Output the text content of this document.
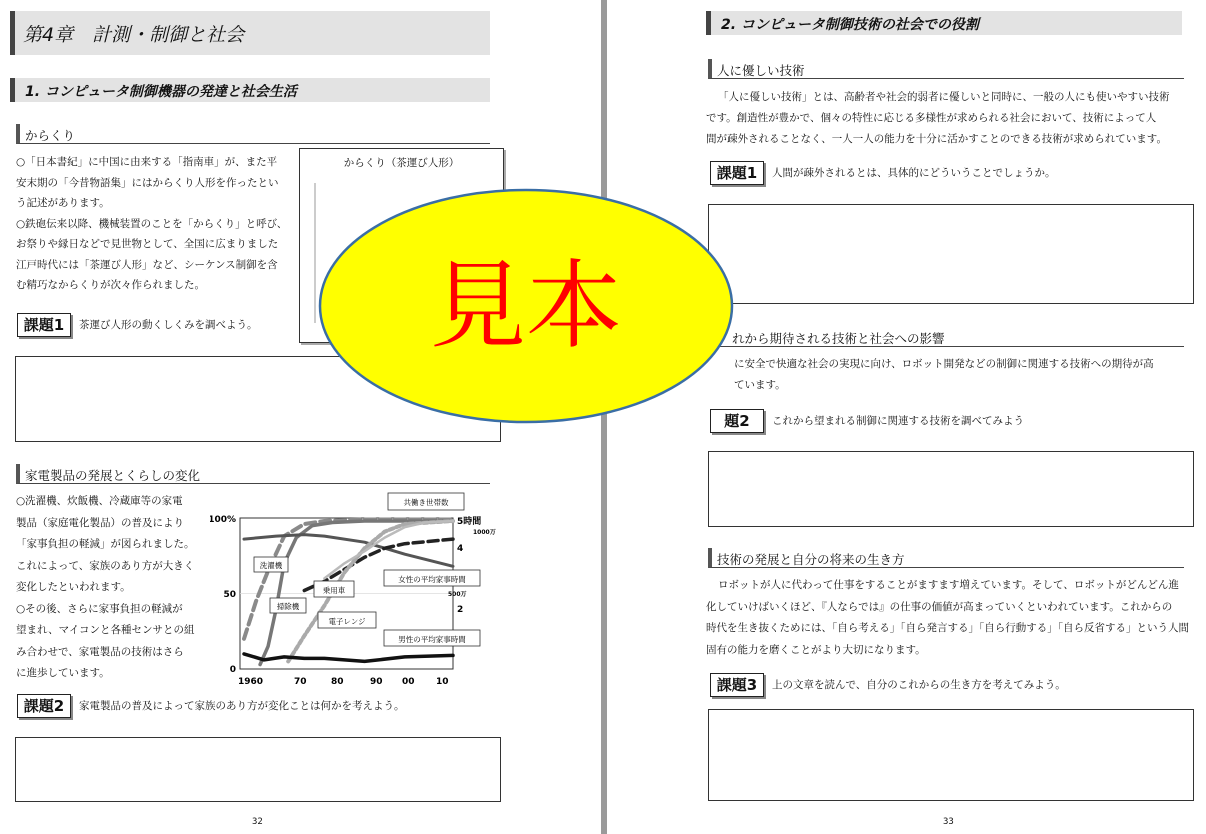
第4章　計測・制御と社会
1. コンピュータ制御機器の発達と社会生活
からくり
○「日本書紀」に中国に由来する「指南車」が、また平
安末期の「今昔物語集」にはからくり人形を作ったとい
う記述があります。
○鉄砲伝来以降、機械装置のことを「からくり」と呼び、
お祭りや縁日などで見世物として、全国に広まりました
江戸時代には「茶運び人形」など、シーケンス制御を含
む精巧なからくりが次々作られました。
からくり（茶運び人形）
課題1	茶運び人形の動くしくみを調べよう。
家電製品の発展とくらしの変化
○洗濯機、炊飯機、冷蔵庫等の家電
製品（家庭電化製品）の普及により
「家事負担の軽減」が図られました。
これによって、家族のあり方が大きく
変化したといわれます。
○その後、さらに家事負担の軽減が
望まれ、マイコンと各種センサとの組
み合わせで、家電製品の技術はさら
に進歩しています。
100%
50
0
5時間
1000万
4
2
500万
1960	70	80	90 00 10
共働き世帯数
洗濯機
乗用車
掃除機
電子レンジ
女性の平均家事時間
男性の平均家事時間
課題2	家電製品の普及によって家族のあり方が変化ことは何かを考えよう。
32
2. コンピュータ制御技術の社会での役割
人に優しい技術
「人に優しい技術」とは、高齢者や社会的弱者に優しいと同時に、一般の人にも使いやすい技術
です。創造性が豊かで、個々の特性に応じる多様性が求められる社会において、技術によって人
間が疎外されることなく、一人一人の能力を十分に活かすことのできる技術が求められています。
課題1	人間が疎外されるとは、具体的にどういうことでしょうか。
れから期待される技術と社会への影響
に安全で快適な社会の実現に向け、ロボット開発などの制御に関連する技術への期待が高
ています。
題2	これから望まれる制御に関連する技術を調べてみよう
技術の発展と自分の将来の生き方
ロボットが人に代わって仕事をすることがますます増えています。そして、ロボットがどんどん進
化していけばいくほど、『人ならでは』の仕事の価値が高まっていくといわれています。これからの
時代を生き抜くためには、「自ら考える」「自ら発言する」「自ら行動する」「自ら反省する」という人間
固有の能力を磨くことがより大切になります。
課題3	上の文章を読んで、自分のこれからの生き方を考えてみよう。
33
見本
